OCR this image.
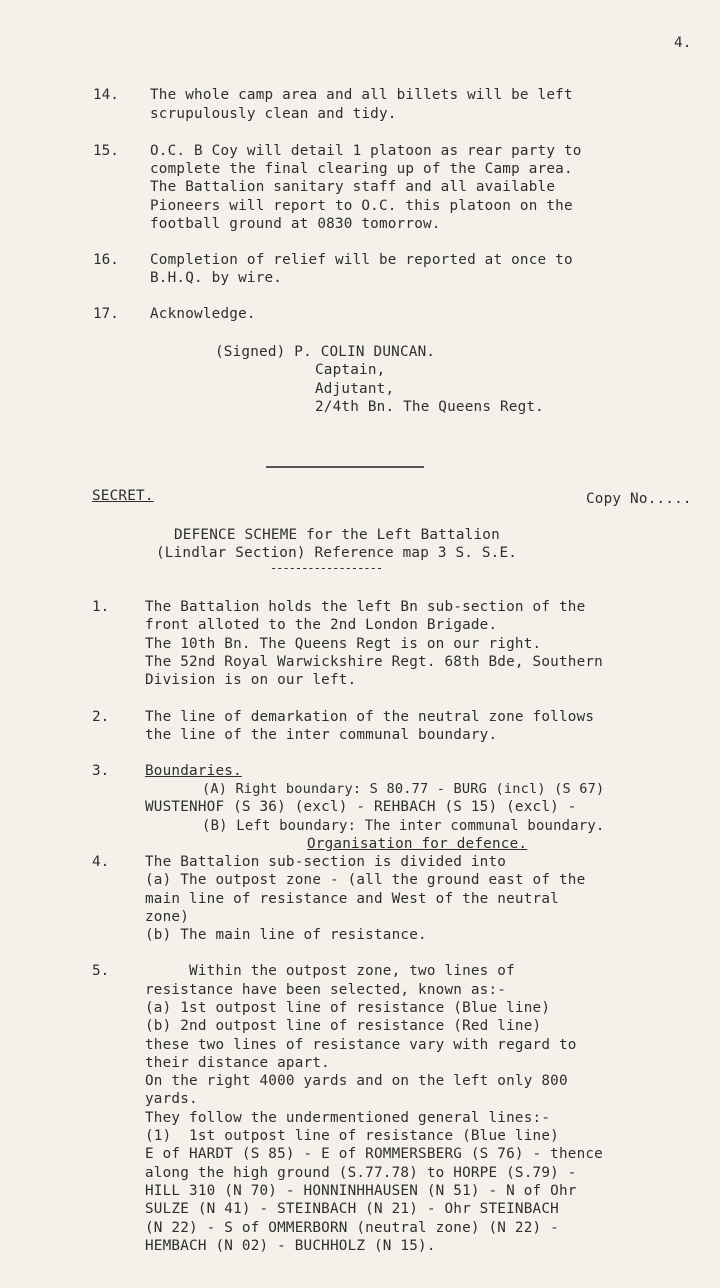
4.
14. The whole camp area and all billets will be left
scrupulously clean and tidy.
15. O.C. B Coy will detail 1 platoon as rear party to
complete the final clearing up of the Camp area.
The Battalion sanitary staff and all available
Pioneers will report to O.C. this platoon on the
football ground at 0830 tomorrow.
16. Completion of relief will be reported at once to
B.H.Q. by wire.
17. Acknowledge.
(Signed) P. COLIN DUNCAN.
Captain,
Adjutant,
2/4th Bn. The Queens Regt.
SECRET.	Copy No.....
DEFENCE SCHEME for the Left Battalion
(Lindlar Section) Reference map 3 S. S.E.
------------------
1.	The Battalion holds the left Bn sub-section of the
front alloted to the 2nd London Brigade.
The 10th Bn. The Queens Regt is on our right.
The 52nd Royal Warwickshire Regt. 68th Bde, Southern
Division is on our left.
2.	The line of demarkation of the neutral zone follows
the line of the inter communal boundary.
3.	Boundaries.
(A) Right boundary: S 80.77 - BURG (incl) (S 67)
WUSTENHOF (S 36) (excl) - REHBACH (S 15) (excl) -
(B) Left boundary: The inter communal boundary.
Organisation for defence.
4.	The Battalion sub-section is divided into
(a) The outpost zone - (all the ground east of the
main line of resistance and West of the neutral
zone)
(b) The main line of resistance.
5.	Within the outpost zone, two lines of
resistance have been selected, known as:-
(a) 1st outpost line of resistance (Blue line)
(b) 2nd outpost line of resistance (Red line)
these two lines of resistance vary with regard to
their distance apart.
On the right 4000 yards and on the left only 800
yards.
They follow the undermentioned general lines:-
(1)  1st outpost line of resistance (Blue line)
E of HARDT (S 85) - E of ROMMERSBERG (S 76) - thence
along the high ground (S.77.78) to HORPE (S.79) -
HILL 310 (N 70) - HONNINHHAUSEN (N 51) - N of Ohr
SULZE (N 41) - STEINBACH (N 21) - Ohr STEINBACH
(N 22) - S of OMMERBORN (neutral zone) (N 22) -
HEMBACH (N 02) - BUCHHOLZ (N 15).
